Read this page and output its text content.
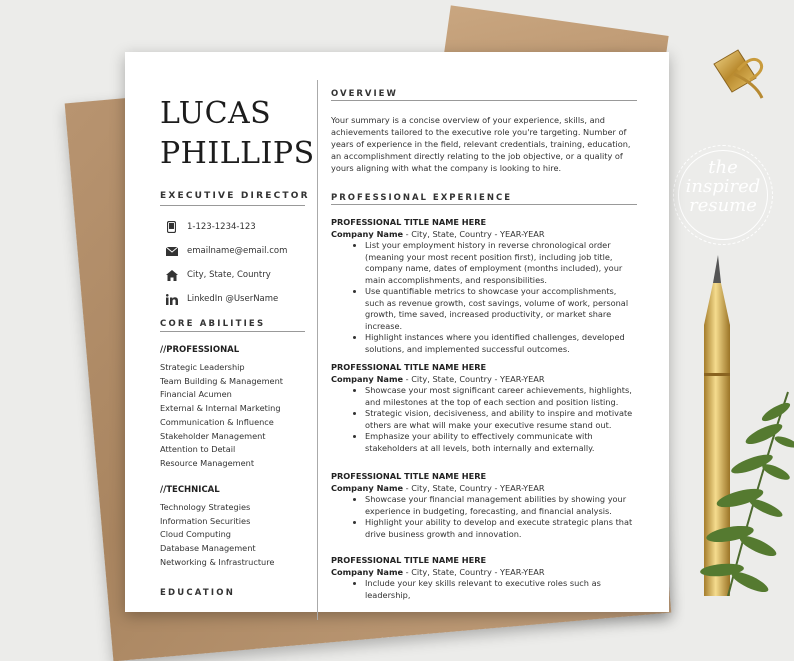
the
inspired
resume
LUCAS
PHILLIPS
EXECUTIVE DIRECTOR
1-123-1234-123
emailname@email.com
City, State, Country
LinkedIn @UserName
CORE ABILITIES
//PROFESSIONAL
Strategic Leadership
Team Building & Management
Financial Acumen
External & Internal Marketing
Communication & Influence
Stakeholder Management
Attention to Detail
Resource Management
//TECHNICAL
Technology Strategies
Information Securities
Cloud Computing
Database Management
Networking & Infrastructure
EDUCATION
OVERVIEW
Your summary is a concise overview of your experience, skills, and achievements tailored to the executive role you're targeting. Number of years of experience in the field, relevant credentials, training, education, an accomplishment directly relating to the job objective, or a quality of yours aligning with what the company is looking to hire.
PROFESSIONAL EXPERIENCE
PROFESSIONAL TITLE NAME HERE
Company Name - City, State, Country - YEAR-YEAR
• List your employment history in reverse chronological order (meaning your most recent position first), including job title, company name, dates of employment (months included), your main accomplishments, and responsibilities.
• Use quantifiable metrics to showcase your accomplishments, such as revenue growth, cost savings, volume of work, personal growth, time saved, increased productivity, or market share increase.
• Highlight instances where you identified challenges, developed solutions, and implemented successful outcomes.
PROFESSIONAL TITLE NAME HERE
Company Name - City, State, Country - YEAR-YEAR
• Showcase your most significant career achievements, highlights, and milestones at the top of each section and position listing.
• Strategic vision, decisiveness, and ability to inspire and motivate others are what will make your executive resume stand out.
• Emphasize your ability to effectively communicate with stakeholders at all levels, both internally and externally.
PROFESSIONAL TITLE NAME HERE
Company Name - City, State, Country - YEAR-YEAR
• Showcase your financial management abilities by showing your experience in budgeting, forecasting, and financial analysis.
• Highlight your ability to develop and execute strategic plans that drive business growth and innovation.
PROFESSIONAL TITLE NAME HERE
Company Name - City, State, Country - YEAR-YEAR
• Include your key skills relevant to executive roles such as leadership,
